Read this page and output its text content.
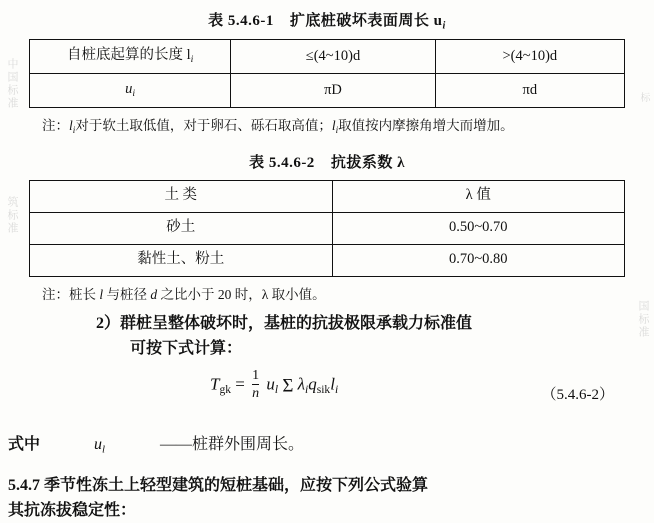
中国标准
筑标准
国标准
标

表 5.4.6-1 扩底桩破坏表面周长 $u_i$

自桩底起算的长度 $l_i$	≤(4~10)d	>(4~10)d
$u_i$	πD	πd

注：$l_i$对于软土取低值，对于卵石、砾石取高值；$l_i$取值按内摩擦角增大而增加。

表 5.4.6-2 抗拔系数 λ

土 类	λ 值
砂土	0.50~0.70
黏性土、粉土	0.70~0.80

注：桩长 l 与桩径 d 之比小于 20 时，λ 取小值。

2）群桩呈整体破坏时，基桩的抗拔极限承载力标准值

可按下式计算：

$T_{gk} = \frac{1}{n} u_l$ Σ $\lambda_iq_{sik}l_i$	（5.4.6-2）

式中	$u_l$	——桩群外围周长。

5.4.7 季节性冻土上轻型建筑的短桩基础，应按下列公式验算

其抗冻拔稳定性：
